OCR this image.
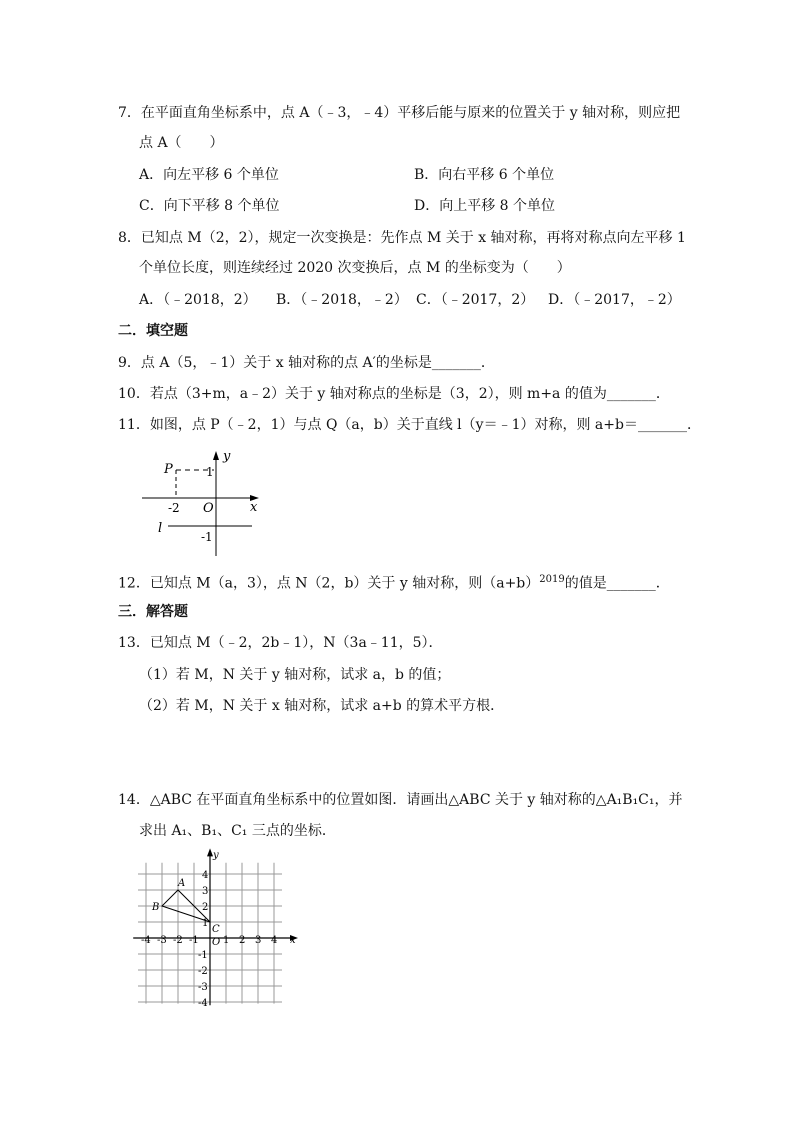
7．在平面直角坐标系中，点 A（﹣3，﹣4）平移后能与原来的位置关于 y 轴对称，则应把
点 A（　　）
A．向左平移 6 个单位	B．向右平移 6 个单位
C．向下平移 8 个单位	D．向上平移 8 个单位
8．已知点 M（2，2），规定一次变换是：先作点 M 关于 x 轴对称，再将对称点向左平移 1
个单位长度，则连续经过 2020 次变换后，点 M 的坐标变为（　　）
A．（﹣2018，2） B．（﹣2018，﹣2） C．（﹣2017，2） D．（﹣2017，﹣2）
二．填空题
9．点 A（5，﹣1）关于 x 轴对称的点 A′的坐标是_______．
10．若点（3+m，a﹣2）关于 y 轴对称点的坐标是（3，2），则 m+a 的值为_______．
11．如图，点 P（﹣2，1）与点 Q（a，b）关于直线 l（y＝﹣1）对称，则 a+b＝_______．
y
x
P	1
-2 O
l
-1
12．已知点 M（a，3），点 N（2，b）关于 y 轴对称，则$(a+b)^{2019}$的值是_______．
三．解答题
13．已知点 M（﹣2，2b﹣1），N（3a﹣11，5）．
（1）若 M，N 关于 y 轴对称，试求 a，b 的值；
（2）若 M，N 关于 x 轴对称，试求 a+b 的算术平方根．
14．△ABC 在平面直角坐标系中的位置如图．请画出△ABC 关于 y 轴对称的△A₁B₁C₁，并
求出 A₁、B₁、C₁ 三点的坐标．
x
y
O
-4 -3 -2 -1 1 2 3 4
4
3
2
1
-1
-2
-3
-4
A
B
C
